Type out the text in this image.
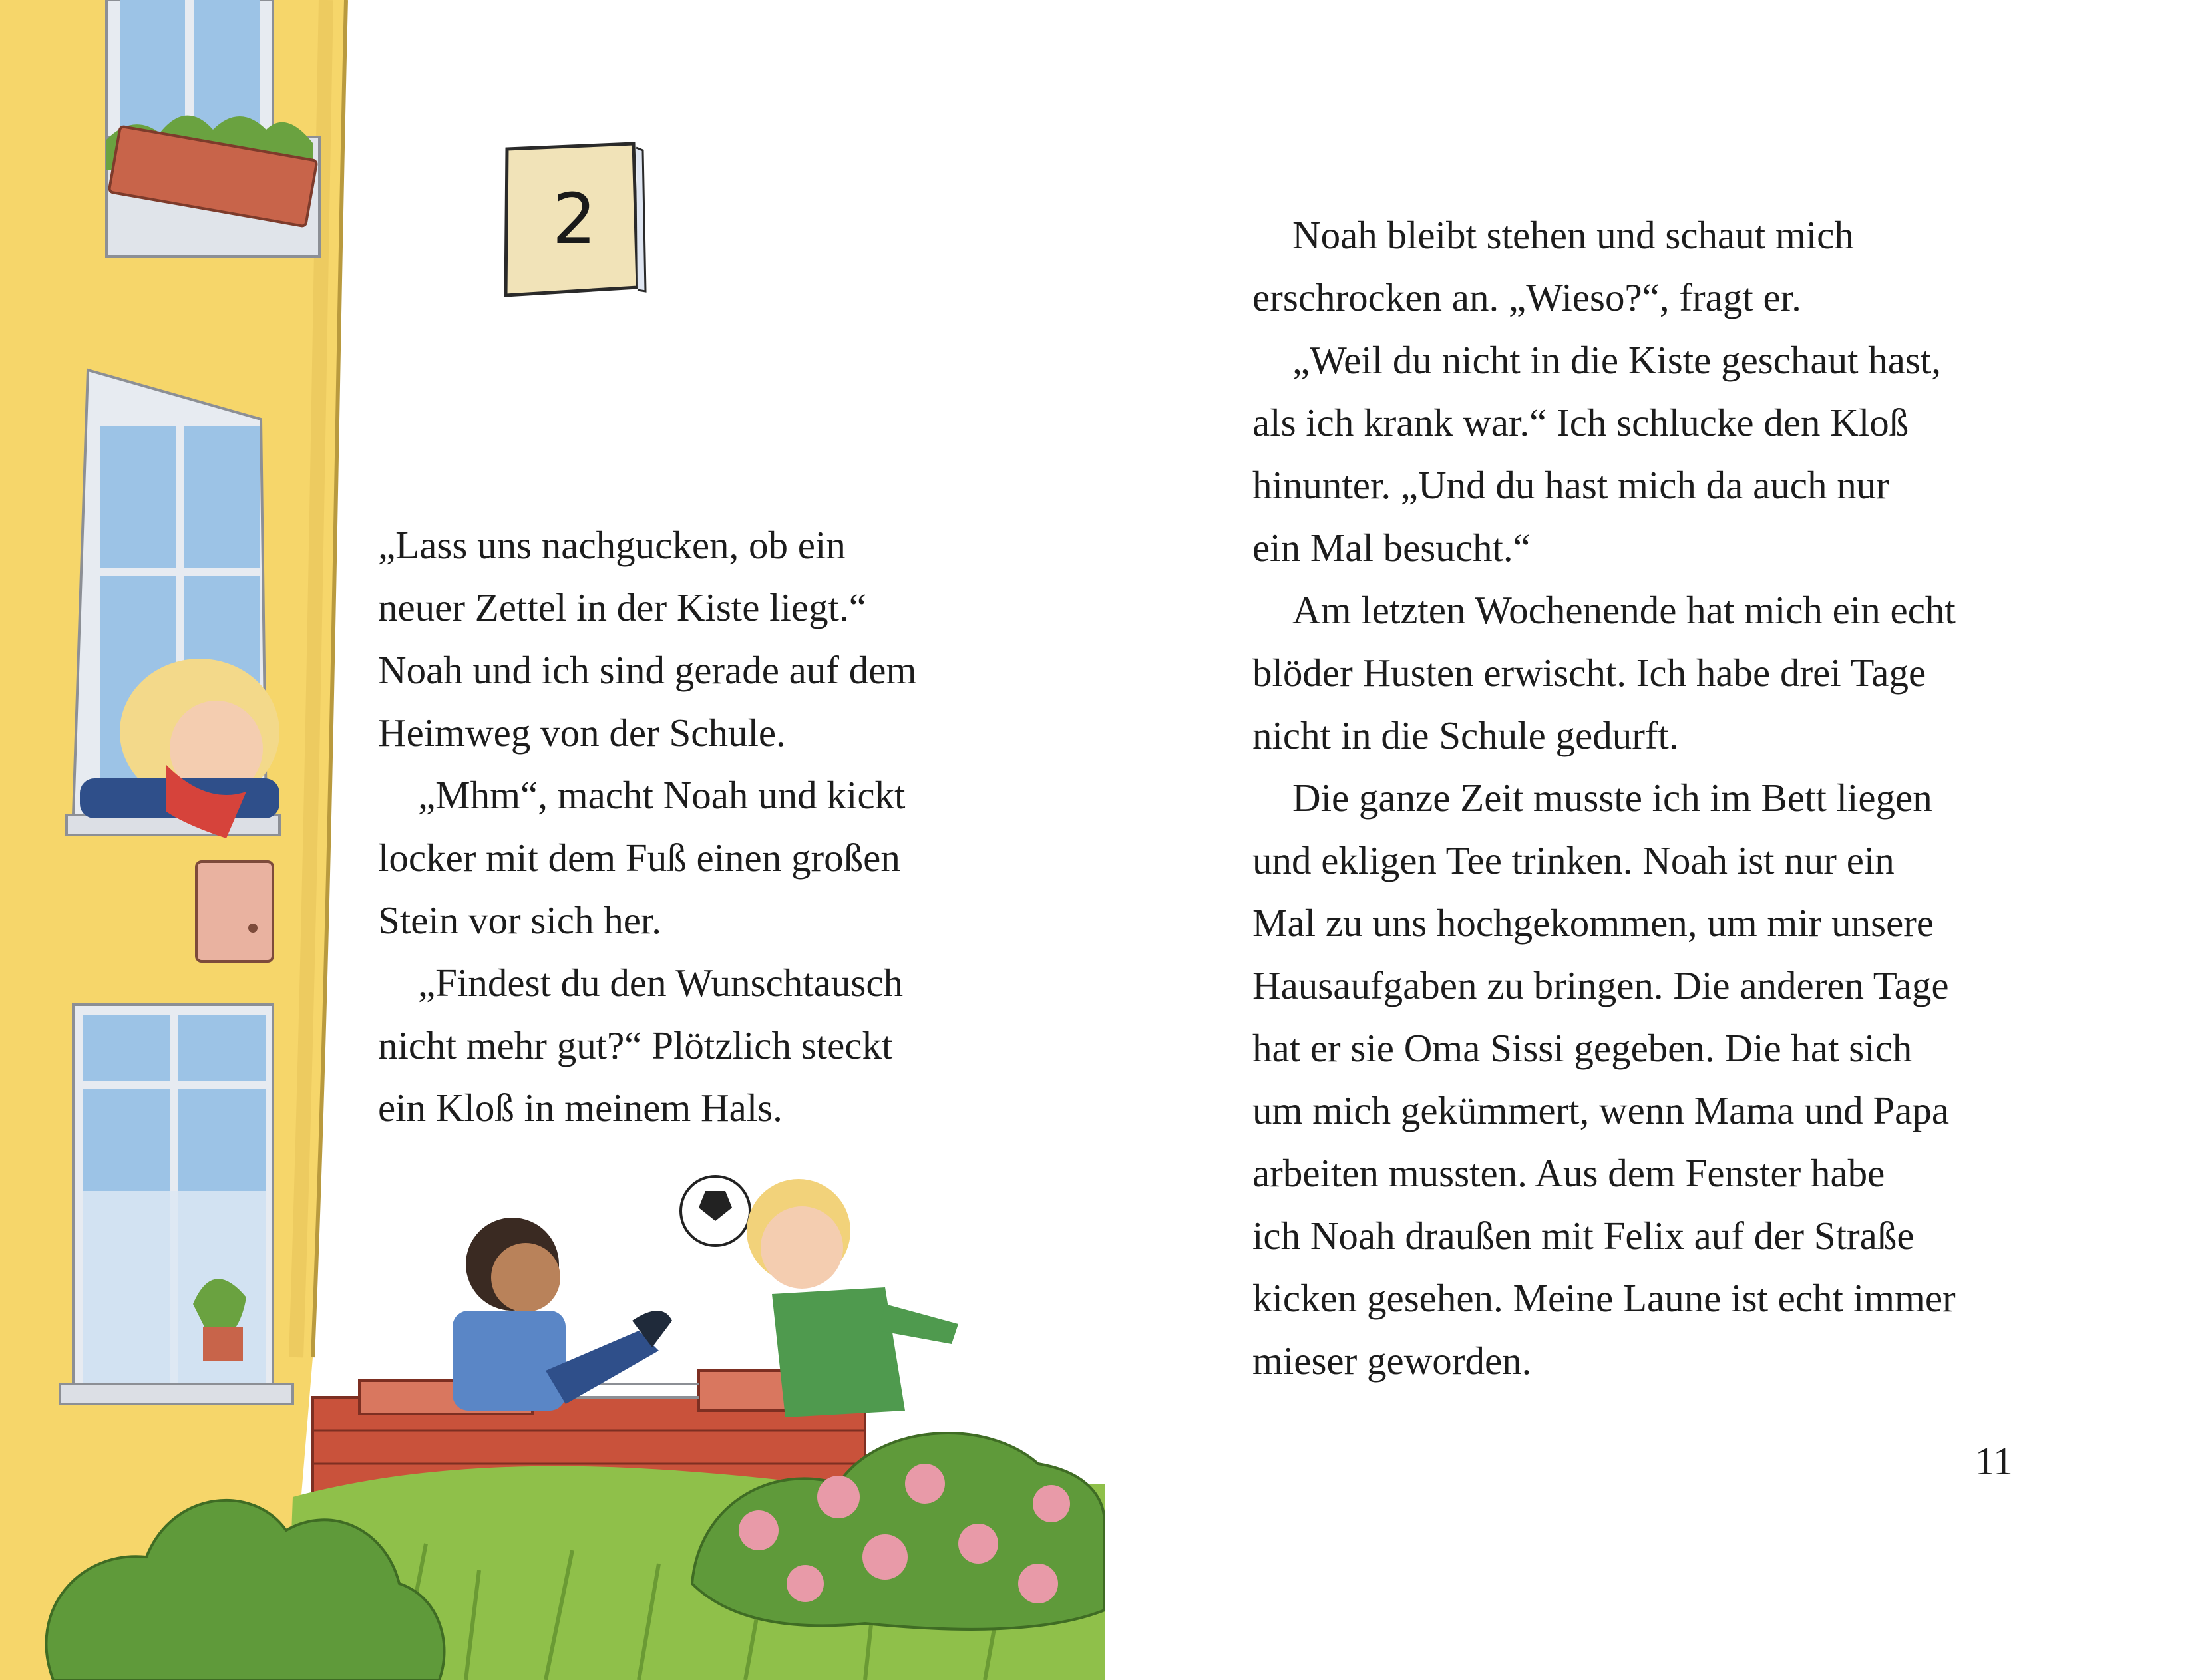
2
„Lass uns nachgucken, ob ein
neuer Zettel in der Kiste liegt.“
Noah und ich sind gerade auf dem
Heimweg von der Schule.
„Mhm“, macht Noah und kickt
locker mit dem Fuß einen großen
Stein vor sich her.
„Findest du den Wunschtausch
nicht mehr gut?“ Plötzlich steckt
ein Kloß in meinem Hals.
Noah bleibt stehen und schaut mich
erschrocken an. „Wieso?“, fragt er.
„Weil du nicht in die Kiste geschaut hast,
als ich krank war.“ Ich schlucke den Kloß
hinunter. „Und du hast mich da auch nur
ein Mal besucht.“
Am letzten Wochenende hat mich ein echt
blöder Husten erwischt. Ich habe drei Tage
nicht in die Schule gedurft.
Die ganze Zeit musste ich im Bett liegen
und ekligen Tee trinken. Noah ist nur ein
Mal zu uns hochgekommen, um mir unsere
Hausaufgaben zu bringen. Die anderen Tage
hat er sie Oma Sissi gegeben. Die hat sich
um mich gekümmert, wenn Mama und Papa
arbeiten mussten. Aus dem Fenster habe
ich Noah draußen mit Felix auf der Straße
kicken gesehen. Meine Laune ist echt immer
mieser geworden.
11
